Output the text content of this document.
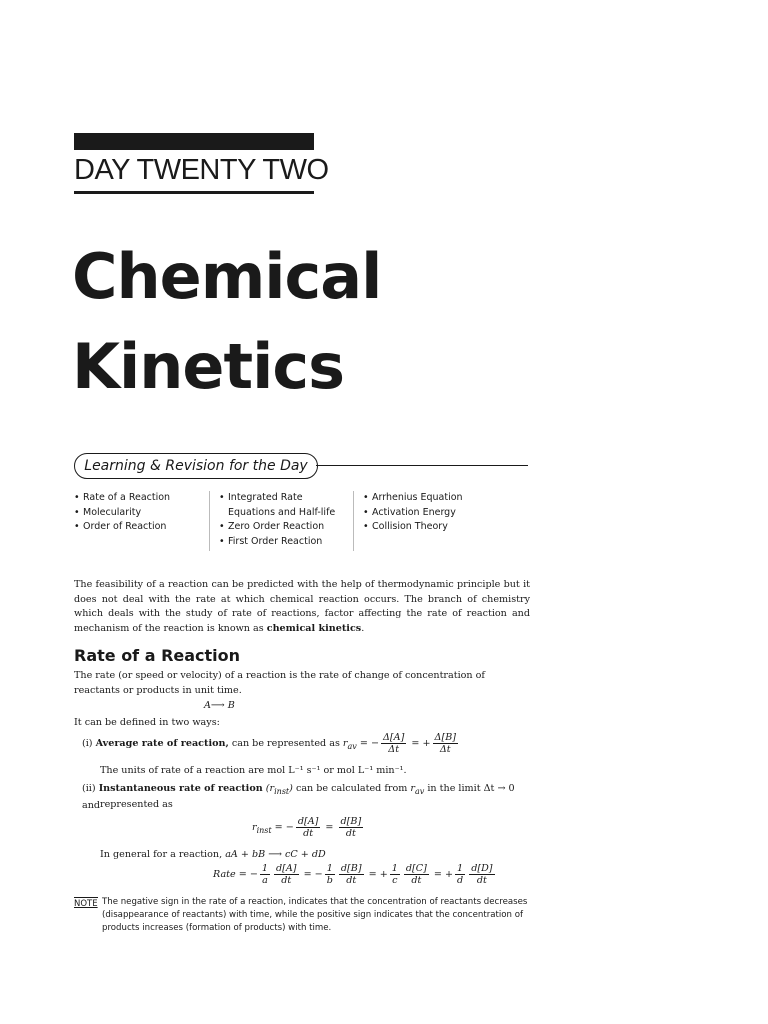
DAY TWENTY TWO
Chemical
Kinetics
Learning & Revision for the Day
• Rate of a Reaction
• Molecularity
• Order of Reaction
• Integrated Rate Equations and Half-life
• Zero Order Reaction
• First Order Reaction
• Arrhenius Equation
• Activation Energy
• Collision Theory

The feasibility of a reaction can be predicted with the help of thermodynamic principle but it does not deal with the rate at which chemical reaction occurs. The branch of chemistry which deals with the study of rate of reactions, factor affecting the rate of reaction and mechanism of the reaction is known as chemical kinetics.

Rate of a Reaction

The rate (or speed or velocity) of a reaction is the rate of change of concentration of reactants or products in unit time.

A⟶ B

It can be defined in two ways:

(i) Average rate of reaction, can be represented as $r_{av}$ = − $\frac{\Delta[A]}{\Delta t}$ = + $\frac{\Delta[B]}{\Delta t}$

The units of rate of a reaction are mol L⁻¹ s⁻¹ or mol L⁻¹ min⁻¹.

(ii) Instantaneous rate of reaction $(r_{inst})$ can be calculated from $r_{av}$ in the limit Δt → 0 and represented as

$r_{inst}$ = − $\frac{d[A]}{dt} = \frac{d[B]}{dt}$

In general for a reaction, aA + bB ⟶ cC + dD

Rate = − $\frac{1}{a} \frac{d[A]}{dt}$ = − $\frac{1}{b} \frac{d[B]}{dt}$ = + $\frac{1}{c} \frac{d[C]}{dt}$ = + $\frac{1}{d} \frac{d[D]}{dt}$

NOTE The negative sign in the rate of a reaction, indicates that the concentration of reactants decreases (disappearance of reactants) with time, while the positive sign indicates that the concentration of products increases (formation of products) with time.
